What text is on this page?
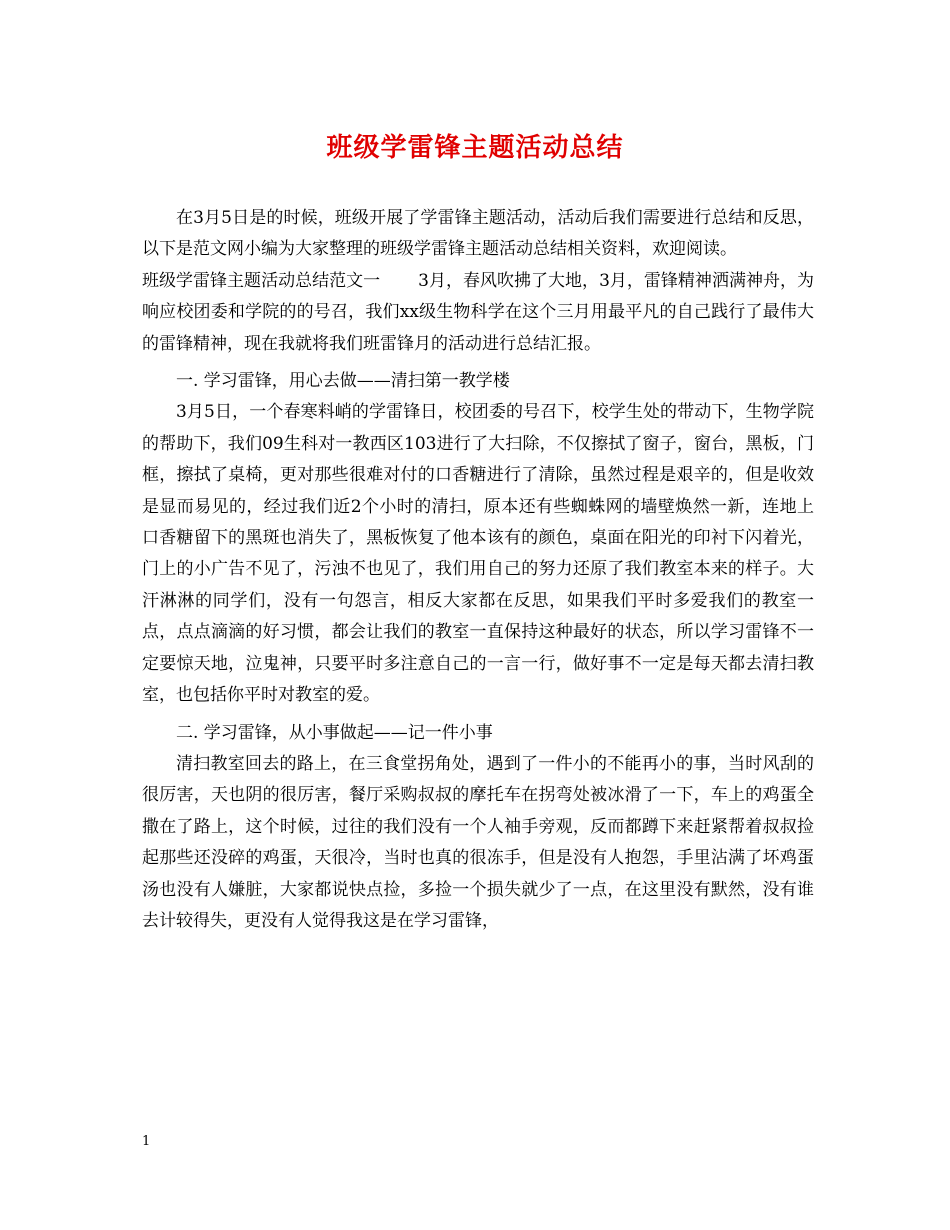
班级学雷锋主题活动总结

在3月5日是的时候，班级开展了学雷锋主题活动，活动后我们需要进行总结和反思，以下是范文网小编为大家整理的班级学雷锋主题活动总结相关资料，欢迎阅读。

班级学雷锋主题活动总结范文一 3月，春风吹拂了大地，3月，雷锋精神洒满神舟，为响应校团委和学院的的号召，我们xx级生物科学在这个三月用最平凡的自己践行了最伟大的雷锋精神，现在我就将我们班雷锋月的活动进行总结汇报。

一. 学习雷锋，用心去做——清扫第一教学楼

3月5日，一个春寒料峭的学雷锋日，校团委的号召下，校学生处的带动下，生物学院的帮助下，我们09生科对一教西区103进行了大扫除，不仅擦拭了窗子，窗台，黑板，门框，擦拭了桌椅，更对那些很难对付的口香糖进行了清除，虽然过程是艰辛的，但是收效是显而易见的，经过我们近2个小时的清扫，原本还有些蜘蛛网的墙壁焕然一新，连地上口香糖留下的黑斑也消失了，黑板恢复了他本该有的颜色，桌面在阳光的印衬下闪着光，门上的小广告不见了，污浊不也见了，我们用自己的努力还原了我们教室本来的样子。大汗淋淋的同学们，没有一句怨言，相反大家都在反思，如果我们平时多爱我们的教室一点，点点滴滴的好习惯，都会让我们的教室一直保持这种最好的状态，所以学习雷锋不一定要惊天地，泣鬼神，只要平时多注意自己的一言一行，做好事不一定是每天都去清扫教室，也包括你平时对教室的爱。

二. 学习雷锋，从小事做起——记一件小事

清扫教室回去的路上，在三食堂拐角处，遇到了一件小的不能再小的事，当时风刮的很厉害，天也阴的很厉害，餐厅采购叔叔的摩托车在拐弯处被冰滑了一下，车上的鸡蛋全撒在了路上，这个时候，过往的我们没有一个人袖手旁观，反而都蹲下来赶紧帮着叔叔捡起那些还没碎的鸡蛋，天很冷，当时也真的很冻手，但是没有人抱怨，手里沾满了坏鸡蛋汤也没有人嫌脏，大家都说快点捡，多捡一个损失就少了一点，在这里没有默然，没有谁去计较得失，更没有人觉得我这是在学习雷锋，

1
